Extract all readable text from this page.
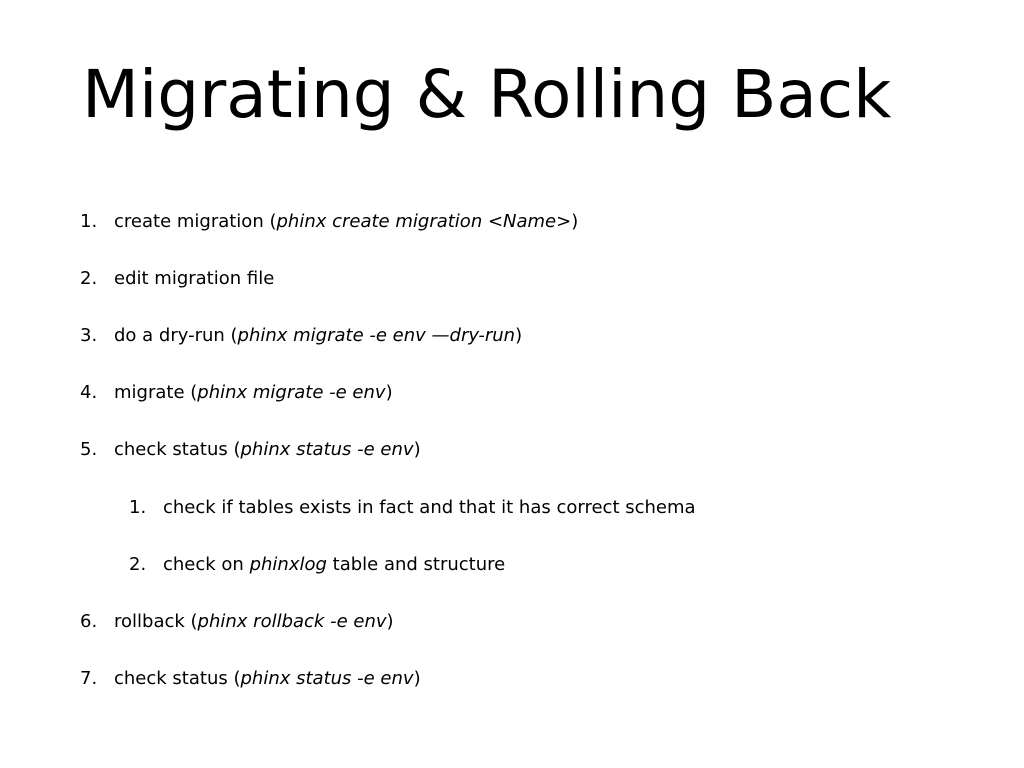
Migrating & Rolling Back
1. create migration (phinx create migration <Name>)
2. edit migration file
3. do a dry-run (phinx migrate -e env —dry-run)
4. migrate (phinx migrate -e env)
5. check status (phinx status -e env)
1. check if tables exists in fact and that it has correct schema
2. check on phinxlog table and structure
6. rollback (phinx rollback -e env)
7. check status (phinx status -e env)
